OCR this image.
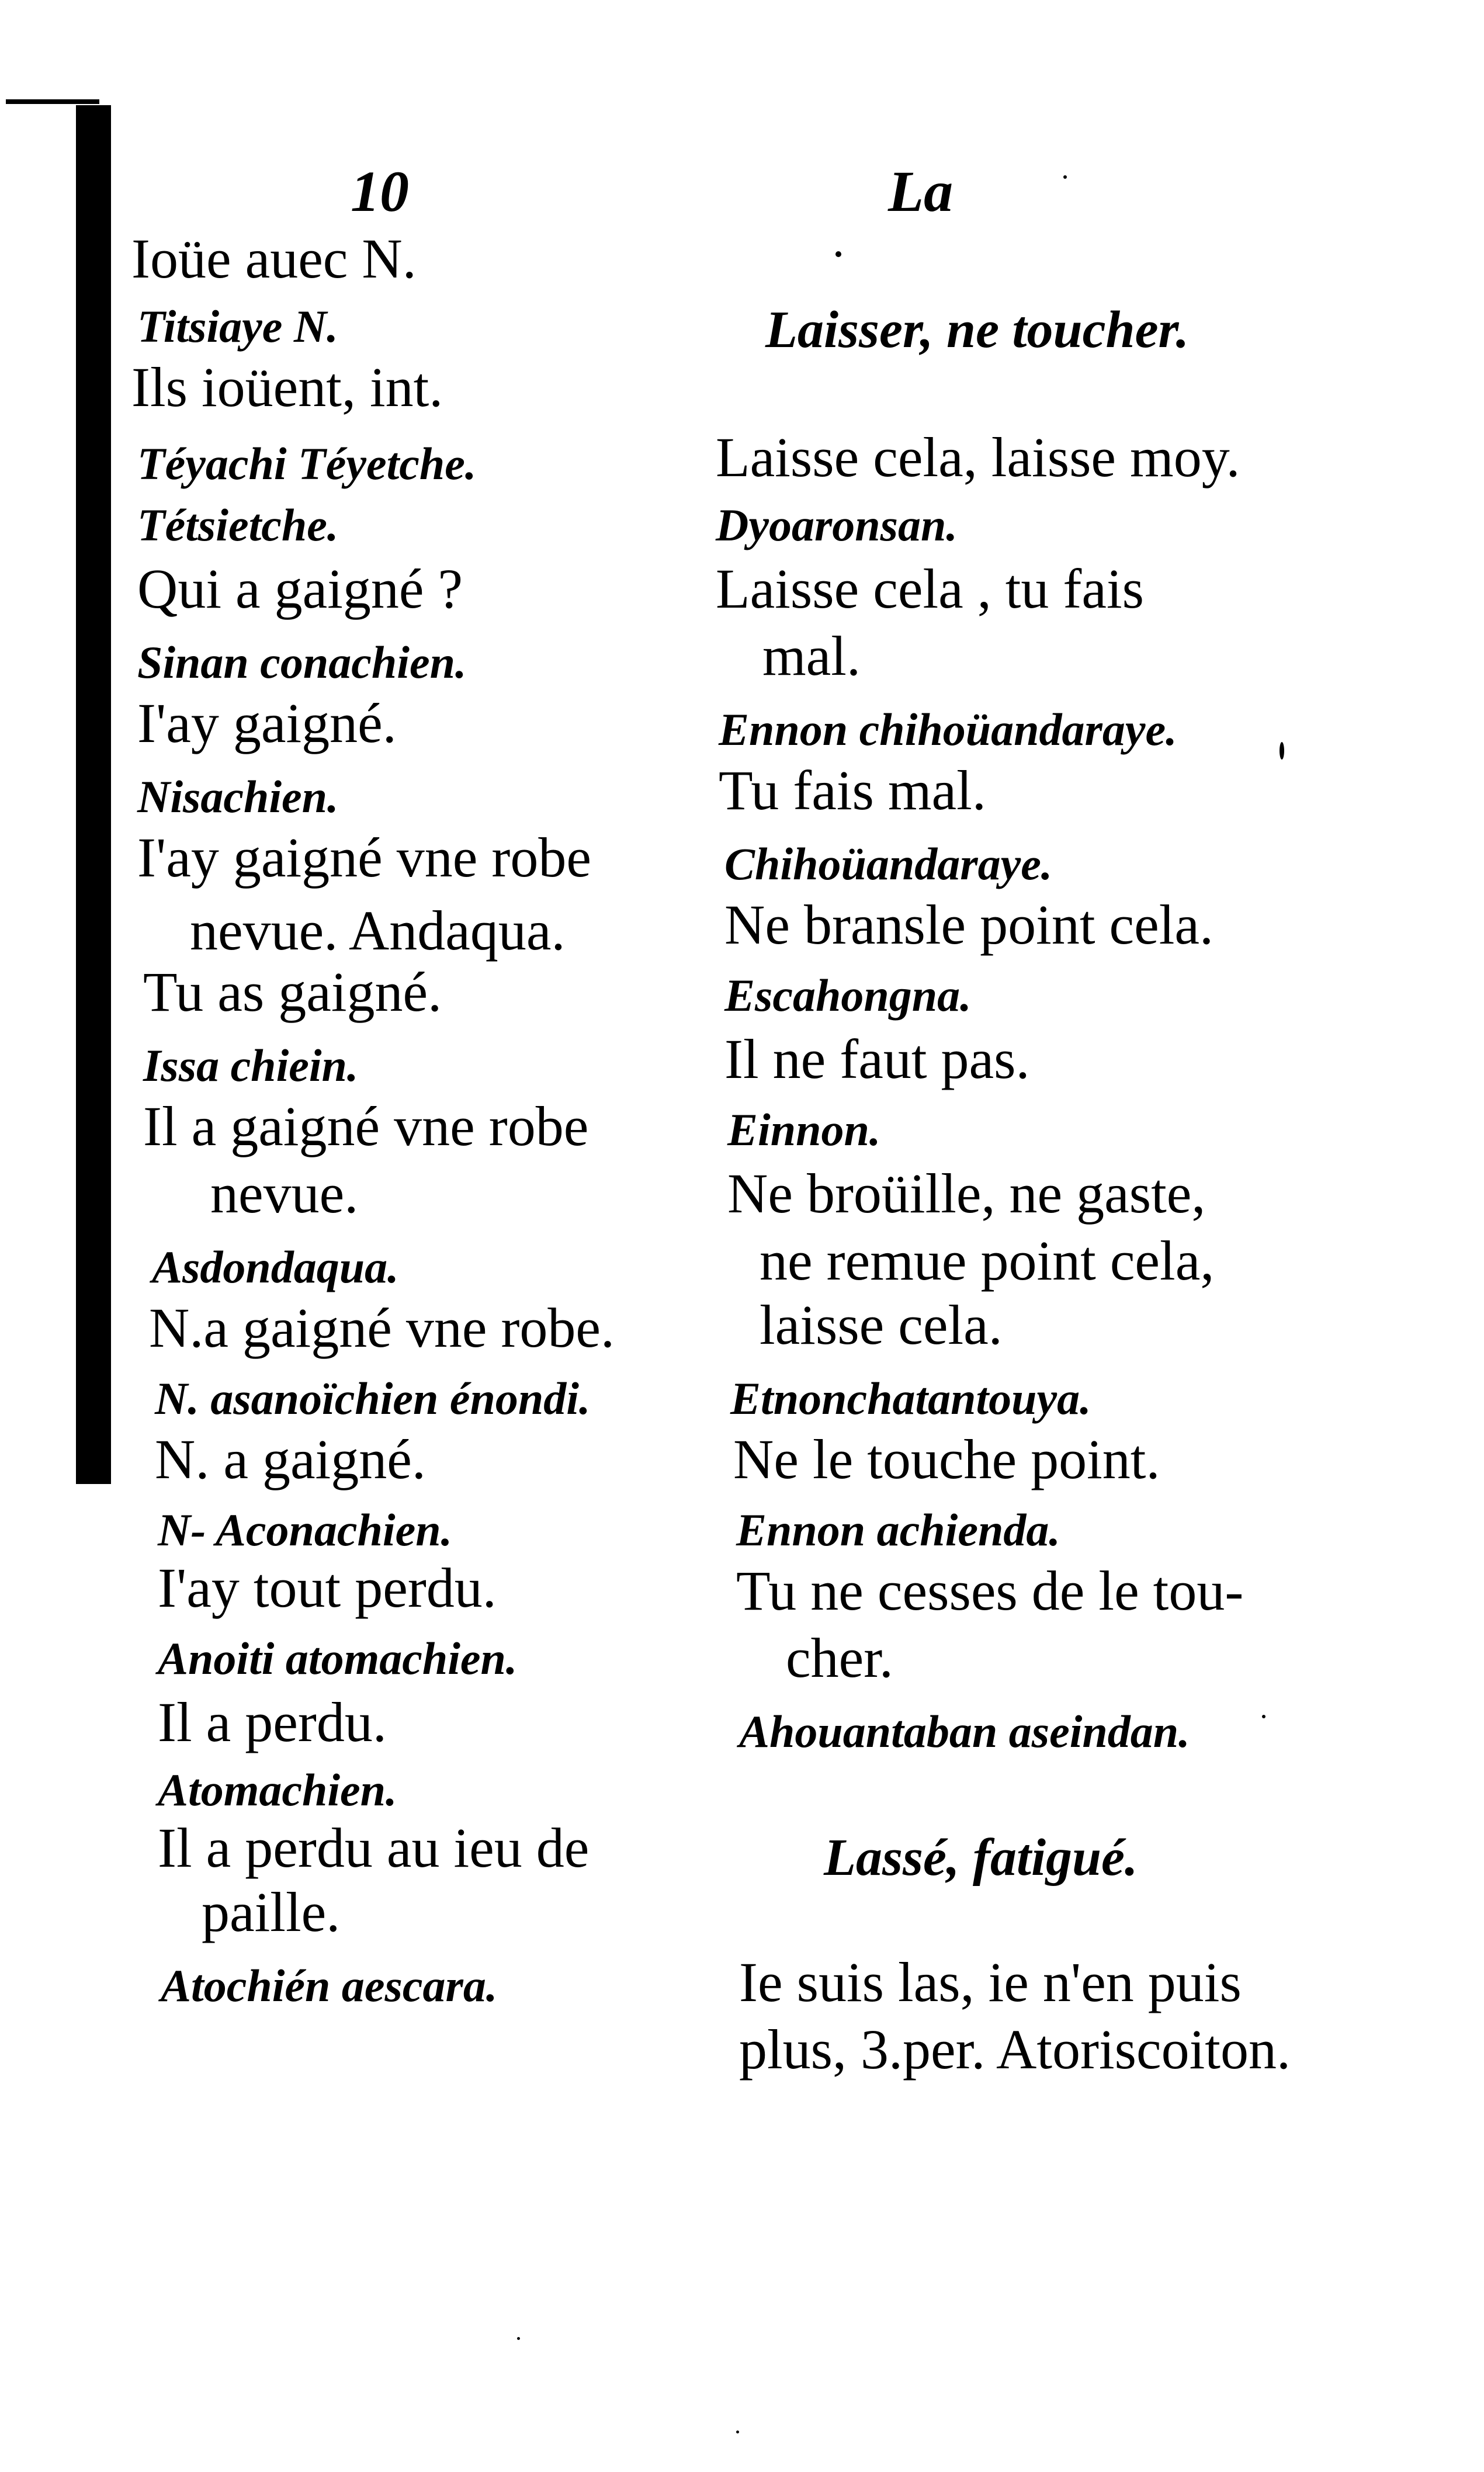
10	La
Ioüe auec N.
Titsiaye N.
Ils ioüent, int.
Téyachi Téyetche.
Tétsietche.
Qui a gaigné ?
Sinan conachien.
I'ay gaigné.
Nisachien.
I'ay gaigné vne robe
nevue. Andaqua.
Tu as gaigné.
Issa chiein.
Il a gaigné vne robe
nevue.
Asdondaqua.
N.a gaigné vne robe.
N. asanoïchien énondi.
N. a gaigné.
N- Aconachien.
I'ay tout perdu.
Anoiti atomachien.
Il a perdu.
Atomachien.
Il a perdu au ieu de
paille.
Atochién aescara.
Laisser, ne toucher.
Laisse cela, laisse moy.
Dyoaronsan.
Laisse cela , tu fais
mal.
Ennon chihoüandaraye.
Tu fais mal.
Chihoüandaraye.
Ne bransle point cela.
Escahongna.
Il ne faut pas.
Einnon.
Ne broüille, ne gaste,
ne remue point cela,
laisse cela.
Etnonchatantouya.
Ne le touche point.
Ennon achienda.
Tu ne cesses de le tou-
cher.
Ahouantaban aseindan.
Lassé, fatigué.
Ie suis las, ie n'en puis
plus, 3.per. Atoriscoiton.
